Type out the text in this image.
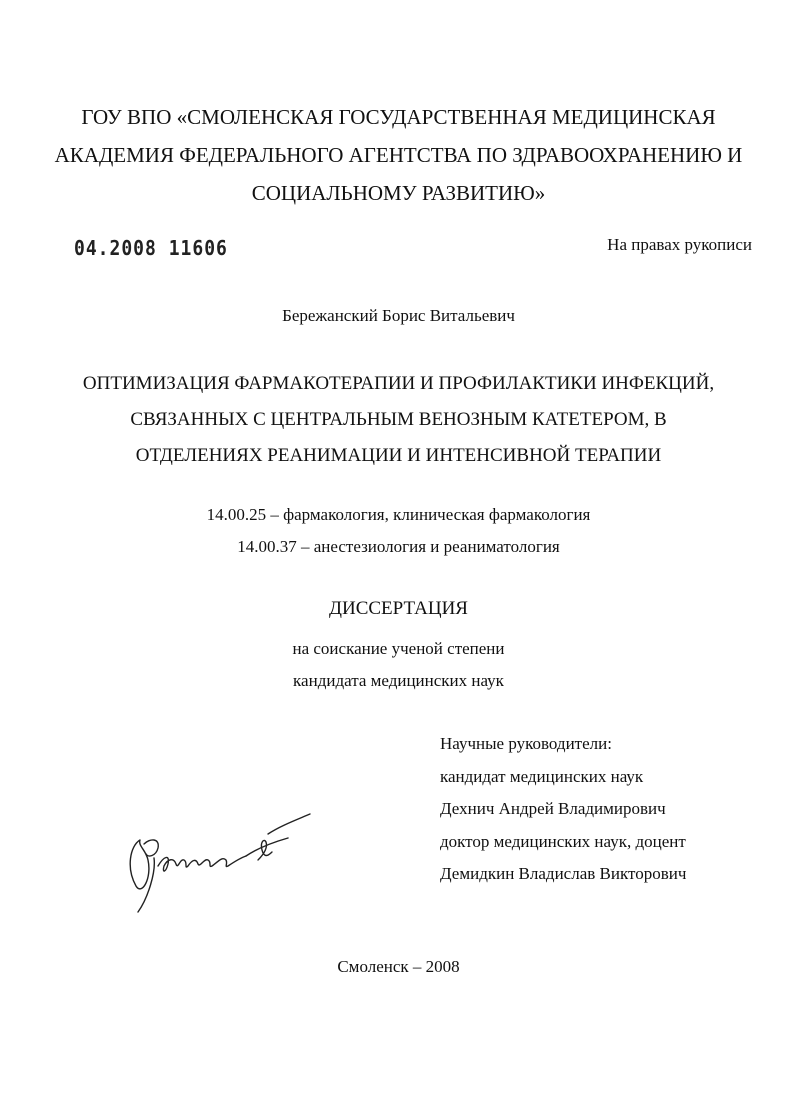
ГОУ ВПО «СМОЛЕНСКАЯ ГОСУДАРСТВЕННАЯ МЕДИЦИНСКАЯ
АКАДЕМИЯ ФЕДЕРАЛЬНОГО АГЕНТСТВА ПО ЗДРАВООХРАНЕНИЮ И
СОЦИАЛЬНОМУ РАЗВИТИЮ»
04.2008 11606	На правах рукописи
Бережанский Борис Витальевич
ОПТИМИЗАЦИЯ ФАРМАКОТЕРАПИИ И ПРОФИЛАКТИКИ ИНФЕКЦИЙ,
СВЯЗАННЫХ С ЦЕНТРАЛЬНЫМ ВЕНОЗНЫМ КАТЕТЕРОМ, В
ОТДЕЛЕНИЯХ РЕАНИМАЦИИ И ИНТЕНСИВНОЙ ТЕРАПИИ
14.00.25 – фармакология, клиническая фармакология
14.00.37 – анестезиология и реаниматология
ДИССЕРТАЦИЯ
на соискание ученой степени
кандидата медицинских наук
Научные руководители:
кандидат медицинских наук
Дехнич Андрей Владимирович
доктор медицинских наук, доцент
Демидкин Владислав Викторович
Смоленск – 2008
